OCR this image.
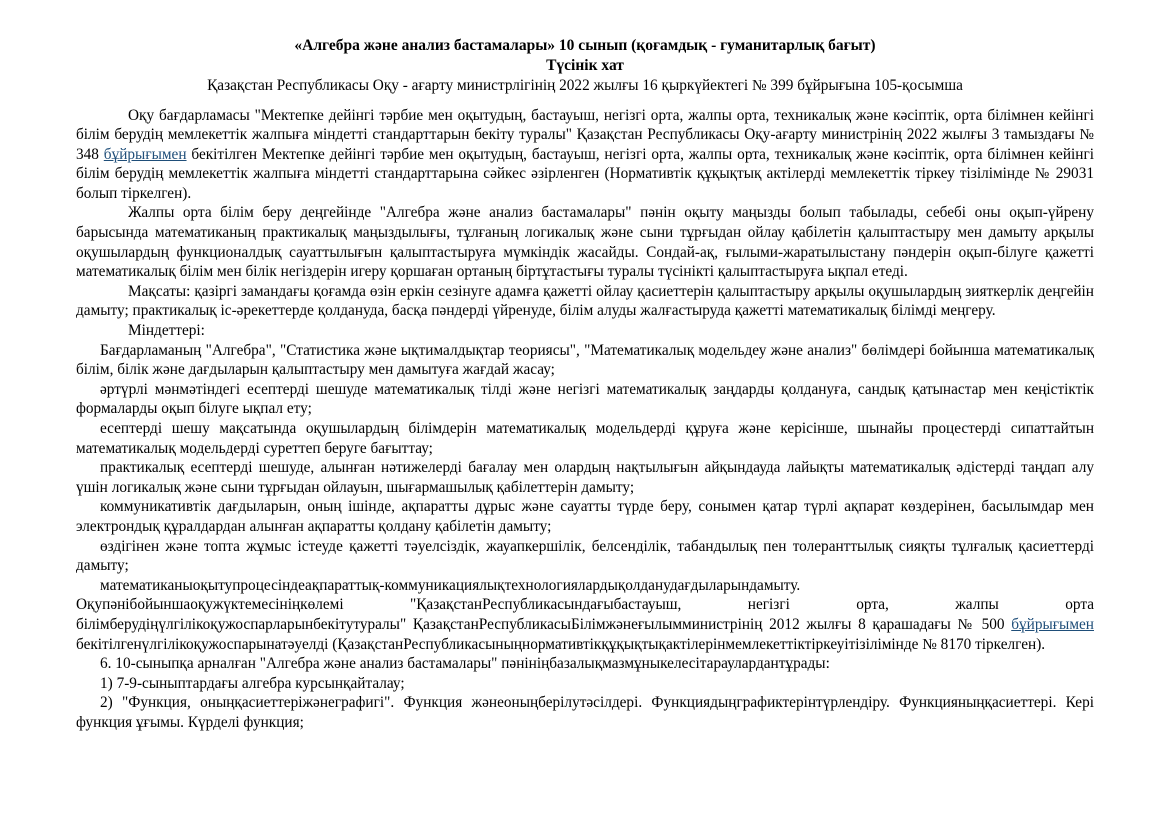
«Алгебра және анализ бастамалары» 10 сынып (қоғамдық - гуманитарлық бағыт)

Түсінік хат

Қазақстан Республикасы Оқу - ағарту министрлігінің 2022 жылғы 16 қыркүйектегі № 399 бұйрығына 105-қосымша

Оқу бағдарламасы "Мектепке дейінгі тәрбие мен оқытудың, бастауыш, негізгі орта, жалпы орта, техникалық және кәсіптік, орта білімнен кейінгі білім берудің мемлекеттік жалпыға міндетті стандарттарын бекіту туралы" Қазақстан Республикасы Оқу-ағарту министрінің 2022 жылғы 3 тамыздағы № 348 бұйрығымен бекітілген Мектепке дейінгі тәрбие мен оқытудың, бастауыш, негізгі орта, жалпы орта, техникалық және кәсіптік, орта білімнен кейінгі білім берудің мемлекеттік жалпыға міндетті стандарттарына сәйкес әзірленген (Нормативтік құқықтық актілерді мемлекеттік тіркеу тізілімінде № 29031 болып тіркелген).

Жалпы орта білім беру деңгейінде "Алгебра және анализ бастамалары" пәнін оқыту маңызды болып табылады, себебі оны оқып-үйрену барысында математиканың практикалық маңыздылығы, тұлғаның логикалық және сыни тұрғыдан ойлау қабілетін қалыптастыру мен дамыту арқылы оқушылардың функционалдық сауаттылығын қалыптастыруға мүмкіндік жасайды. Сондай-ақ, ғылыми-жаратылыстану пәндерін оқып-білуге қажетті математикалық білім мен білік негіздерін игеру қоршаған ортаның біртұтастығы туралы түсінікті қалыптастыруға ықпал етеді.

Мақсаты: қазіргі замандағы қоғамда өзін еркін сезінуге адамға қажетті ойлау қасиеттерін қалыптастыру арқылы оқушылардың зияткерлік деңгейін дамыту; практикалық іс-әрекеттерде қолдануда, басқа пәндерді үйренуде, білім алуды жалғастыруда қажетті математикалық білімді меңгеру.

Міндеттері:

Бағдарламаның "Алгебра", "Статистика және ықтималдықтар теориясы", "Математикалық модельдеу және анализ" бөлімдері бойынша математикалық білім, білік және дағдыларын қалыптастыру мен дамытуға жағдай жасау;

әртүрлі мәнмәтіндегі есептерді шешуде математикалық тілді және негізгі математикалық заңдарды қолдануға, сандық қатынастар мен кеңістіктік формаларды оқып білуге ықпал ету;

есептерді шешу мақсатында оқушылардың білімдерін математикалық модельдерді құруға және керісінше, шынайы процестерді сипаттайтын математикалық модельдерді суреттеп беруге бағыттау;

практикалық есептерді шешуде, алынған нәтижелерді бағалау мен олардың нақтылығын айқындауда лайықты математикалық әдістерді таңдап алу үшін логикалық және сыни тұрғыдан ойлауын, шығармашылық қабілеттерін дамыту;

коммуникативтік дағдыларын, оның ішінде, ақпаратты дұрыс және сауатты түрде беру, сонымен қатар түрлі ақпарат көздерінен, басылымдар мен электрондық құралдардан алынған ақпаратты қолдану қабілетін дамыту;

өздігінен және топта жұмыс істеуде қажетті тәуелсіздік, жауапкершілік, белсенділік, табандылық пен толеранттылық сияқты тұлғалық қасиеттерді дамыту;

математиканыоқытупроцесіндеақпараттық-коммуникациялықтехнологиялардықолданудағдыларындамыту.

Оқупәнібойыншаоқужүктемесініңкөлемі "ҚазақстанРеспубликасындағыбастауыш, негізгі орта, жалпы орта білімберудіңүлгілікоқужоспарларынбекітутуралы" ҚазақстанРеспубликасыБілімжәнеғылымминистрінің 2012 жылғы 8 қарашадағы № 500 бұйрығымен бекітілгенүлгілікоқужоспарынатәуелді (ҚазақстанРеспубликасыныңнормативтікқұқықтықактілерінмемлекеттіктіркеуітізілімінде № 8170 тіркелген).

6. 10-сыныпқа арналған "Алгебра және анализ бастамалары" пәнініңбазалықмазмұныкелесітараулардантұрады:

1) 7-9-сыныптардағы алгебра курсынқайталау;

2) "Функция, оныңқасиеттеріжәнеграфигі". Функция жәнеоныңберілутәсілдері. Функциядыңграфиктерінтүрлендіру. Функцияныңқасиеттері. Кері функция ұғымы. Күрделі функция;
